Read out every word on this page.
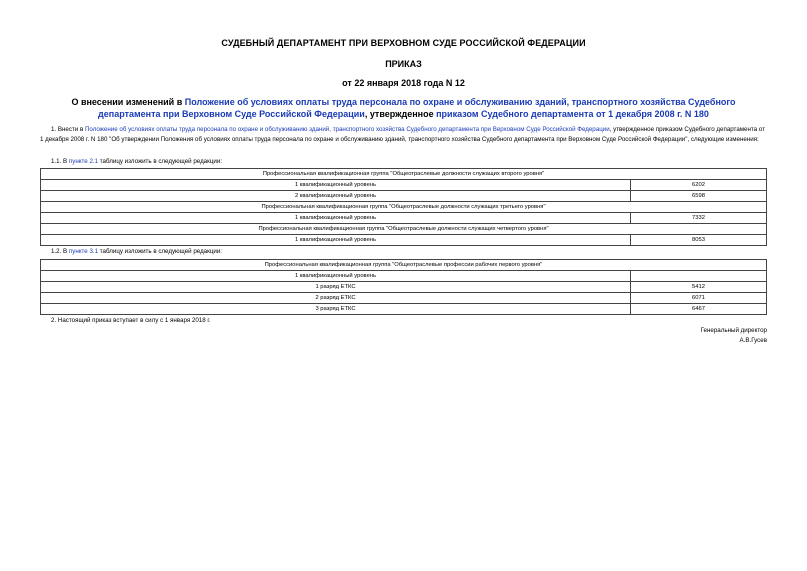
СУДЕБНЫЙ ДЕПАРТАМЕНТ ПРИ ВЕРХОВНОМ СУДЕ РОССИЙСКОЙ ФЕДЕРАЦИИ
ПРИКАЗ
от 22 января 2018 года N 12
О внесении изменений в Положение об условиях оплаты труда персонала по охране и обслуживанию зданий, транспортного хозяйства Судебного департамента при Верховном Суде Российской Федерации, утвержденное приказом Судебного департамента от 1 декабря 2008 г. N 180
1. Внести в Положение об условиях оплаты труда персонала по охране и обслуживанию зданий, транспортного хозяйства Судебного департамента при Верховном Суде Российской Федерации, утвержденное приказом Судебного департамента от 1 декабря 2008 г. N 180 "Об утверждении Положения об условиях оплаты труда персонала по охране и обслуживанию зданий, транспортного хозяйства Судебного департамента при Верховном Суде Российской Федерации", следующие изменения:
1.1. В пункте 2.1 таблицу изложить в следующей редакции:
Профессиональная квалификационная группа "Общеотраслевые должности служащих второго уровня"	
1 квалификационный уровень	6202
2 квалификационный уровень	6598
Профессиональная квалификационная группа "Общеотраслевые должности служащих третьего уровня"	
1 квалификационный уровень	7332
Профессиональная квалификационная группа "Общеотраслевые должности служащих четвертого уровня"	
1 квалификационный уровень	8053
1.2. В пункте 3.1 таблицу изложить в следующей редакции:
Профессиональная квалификационная группа "Общеотраслевые профессии рабочих первого уровня"	
1 квалификационный уровень	
1 разряд ЕТКС	5412
2 разряд ЕТКС	6071
3 разряд ЕТКС	6467
2. Настоящий приказ вступает в силу с 1 января 2018 г.
Генеральный директор
А.В.Гусев
